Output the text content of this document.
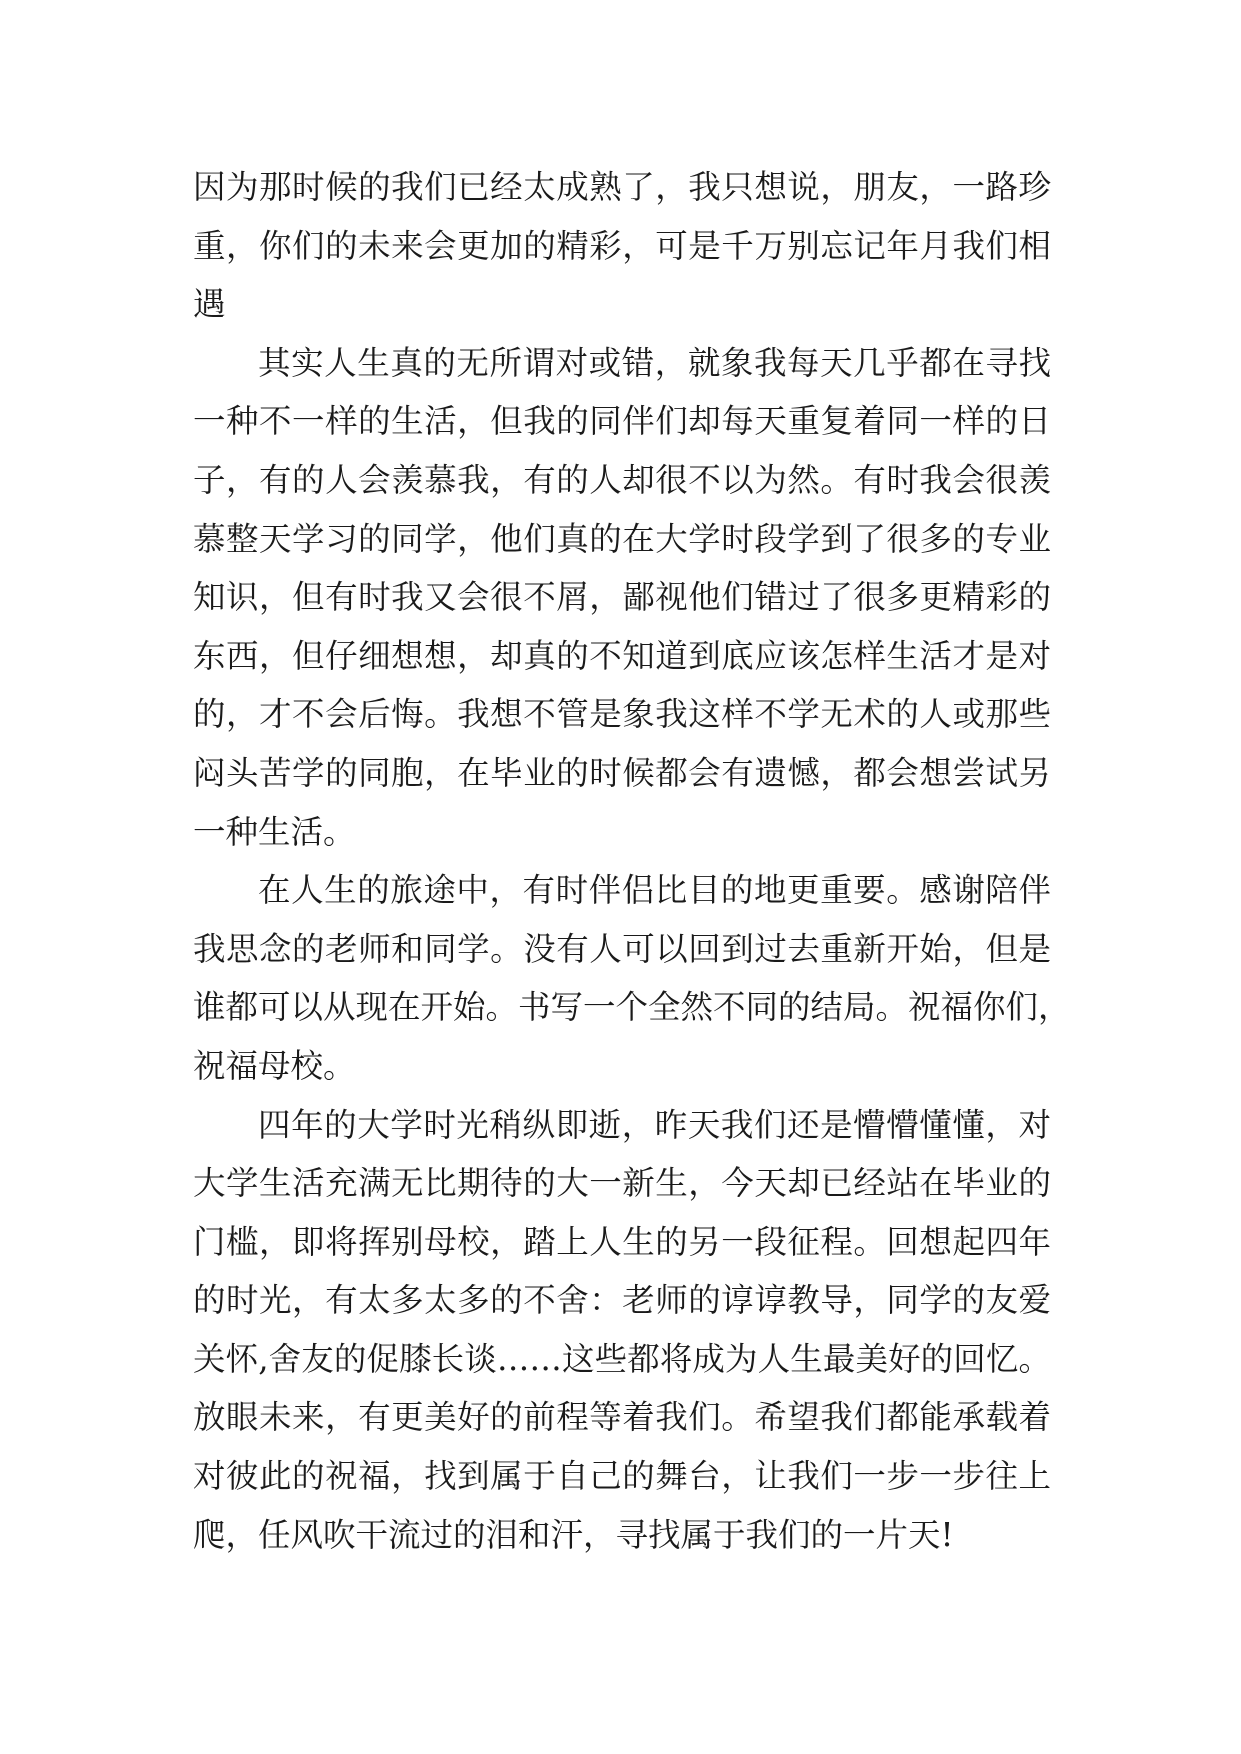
因为那时候的我们已经太成熟了，我只想说，朋友，一路珍
重，你们的未来会更加的精彩，可是千万别忘记年月我们相
遇
其实人生真的无所谓对或错，就象我每天几乎都在寻找
一种不一样的生活，但我的同伴们却每天重复着同一样的日
子，有的人会羡慕我，有的人却很不以为然。有时我会很羡
慕整天学习的同学，他们真的在大学时段学到了很多的专业
知识，但有时我又会很不屑，鄙视他们错过了很多更精彩的
东西，但仔细想想，却真的不知道到底应该怎样生活才是对
的，才不会后悔。我想不管是象我这样不学无术的人或那些
闷头苦学的同胞，在毕业的时候都会有遗憾，都会想尝试另
一种生活。
在人生的旅途中，有时伴侣比目的地更重要。感谢陪伴
我思念的老师和同学。没有人可以回到过去重新开始，但是
谁都可以从现在开始。书写一个全然不同的结局。祝福你们，
祝福母校。
四年的大学时光稍纵即逝，昨天我们还是懵懵懂懂，对
大学生活充满无比期待的大一新生，今天却已经站在毕业的
门槛，即将挥别母校，踏上人生的另一段征程。回想起四年
的时光，有太多太多的不舍：老师的谆谆教导，同学的友爱
关怀,舍友的促膝长谈……这些都将成为人生最美好的回忆。
放眼未来，有更美好的前程等着我们。希望我们都能承载着
对彼此的祝福，找到属于自己的舞台，让我们一步一步往上
爬，任风吹干流过的泪和汗，寻找属于我们的一片天!
